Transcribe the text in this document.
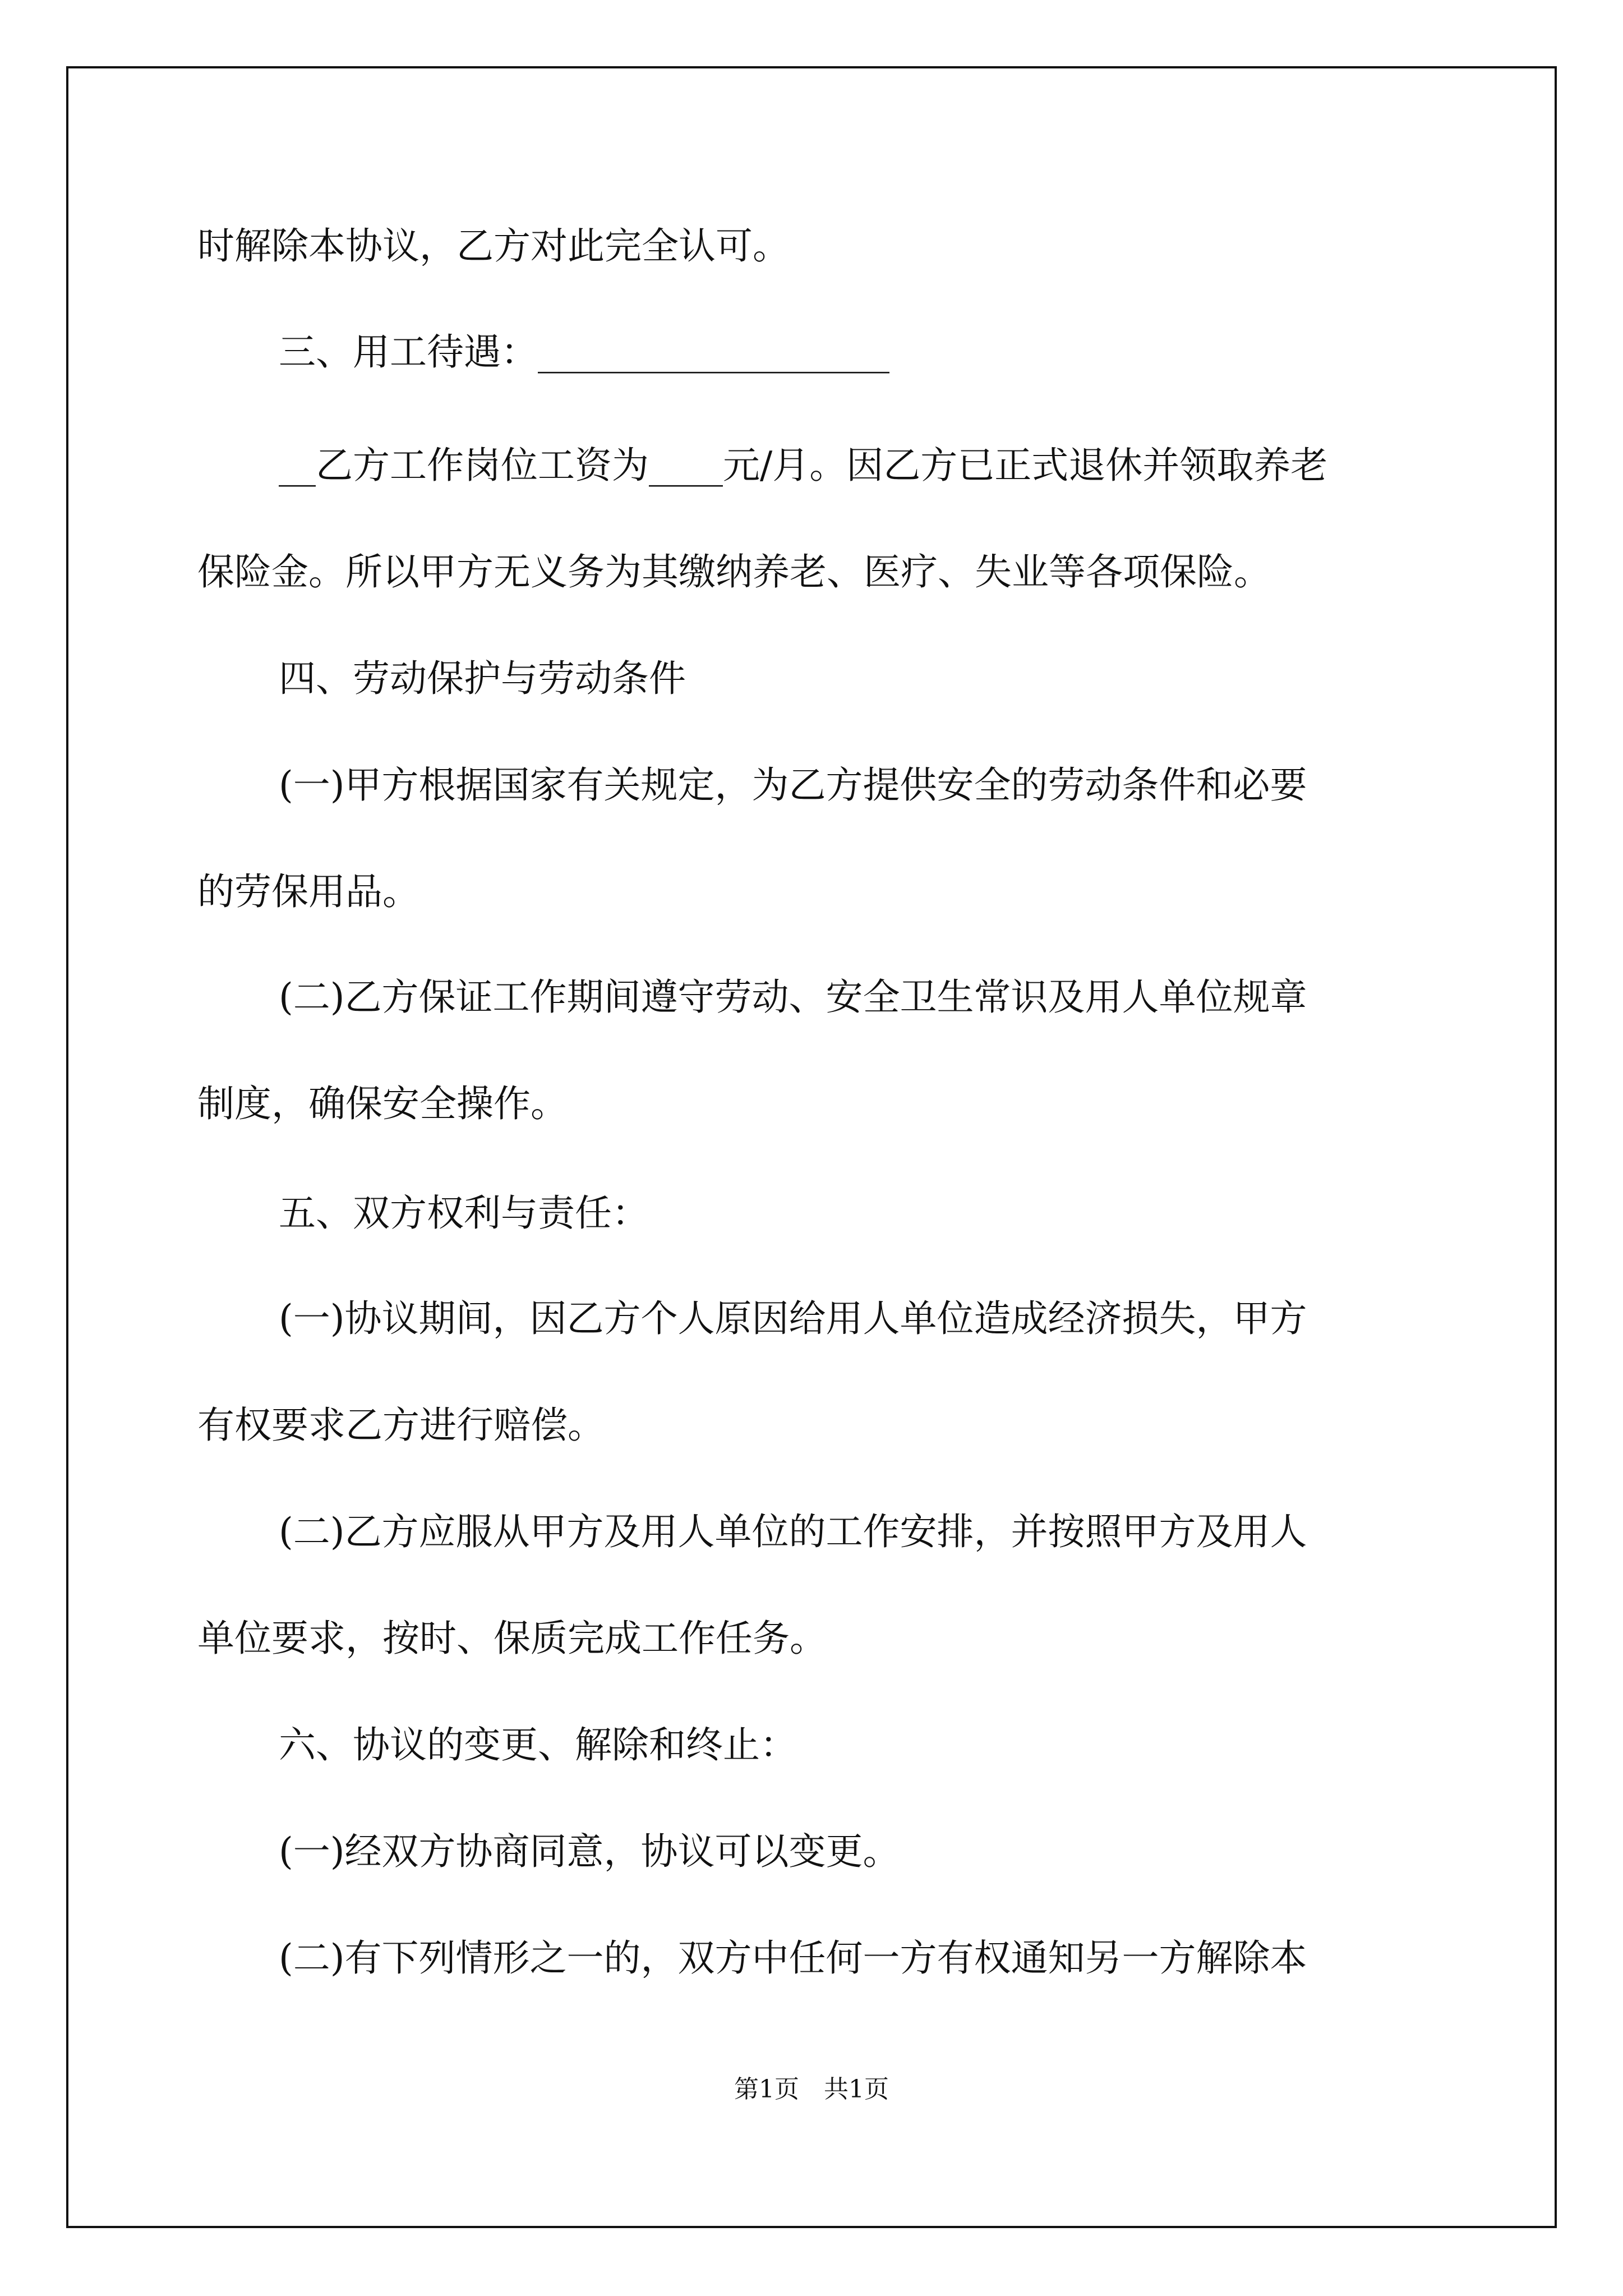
时解除本协议，乙方对此完全认可。

三、用工待遇：___________________

__乙方工作岗位工资为____元/月。因乙方已正式退休并领取养老

保险金。所以甲方无义务为其缴纳养老、医疗、失业等各项保险。

四、劳动保护与劳动条件

(一)甲方根据国家有关规定，为乙方提供安全的劳动条件和必要

的劳保用品。

(二)乙方保证工作期间遵守劳动、安全卫生常识及用人单位规章

制度，确保安全操作。

五、双方权利与责任：

(一)协议期间，因乙方个人原因给用人单位造成经济损失，甲方

有权要求乙方进行赔偿。

(二)乙方应服从甲方及用人单位的工作安排，并按照甲方及用人

单位要求，按时、保质完成工作任务。

六、协议的变更、解除和终止：

(一)经双方协商同意，协议可以变更。

(二)有下列情形之一的，双方中任何一方有权通知另一方解除本

第1页　共1页
